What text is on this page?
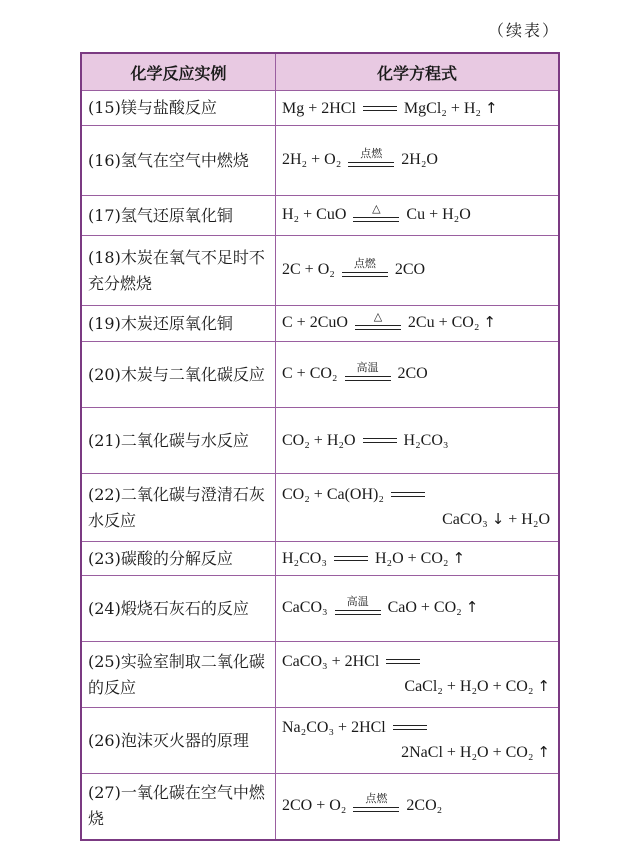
（续表）
化学反应实例	化学方程式
(15)镁与盐酸反应	Mg + 2HCl MgCl₂ + H₂ ↑
(16)氢气在空气中燃烧	2H₂ + O₂ 点燃 2H₂O
(17)氢气还原氧化铜	H₂ + CuO △ Cu + H₂O
(18)木炭在氧气不足时不充分燃烧	2C + O₂ 点燃 2CO
(19)木炭还原氧化铜	C + 2CuO △ 2Cu + CO₂ ↑
(20)木炭与二氧化碳反应	C + CO₂ 高温 2CO
(21)二氧化碳与水反应	CO₂ + H₂O H₂CO₃
(22)二氧化碳与澄清石灰水反应	CO₂ + Ca(OH)₂
CaCO₃ ↓ + H₂O

(23)碳酸的分解反应	H₂CO₃ H₂O + CO₂ ↑
(24)煅烧石灰石的反应	CaCO₃ 高温 CaO + CO₂ ↑
(25)实验室制取二氧化碳的反应	CaCO₃ + 2HCl
CaCl₂ + H₂O + CO₂ ↑

(26)泡沫灭火器的原理	Na₂CO₃ + 2HCl
2NaCl + H₂O + CO₂ ↑

(27)一氧化碳在空气中燃烧	2CO + O₂ 点燃 2CO₂
